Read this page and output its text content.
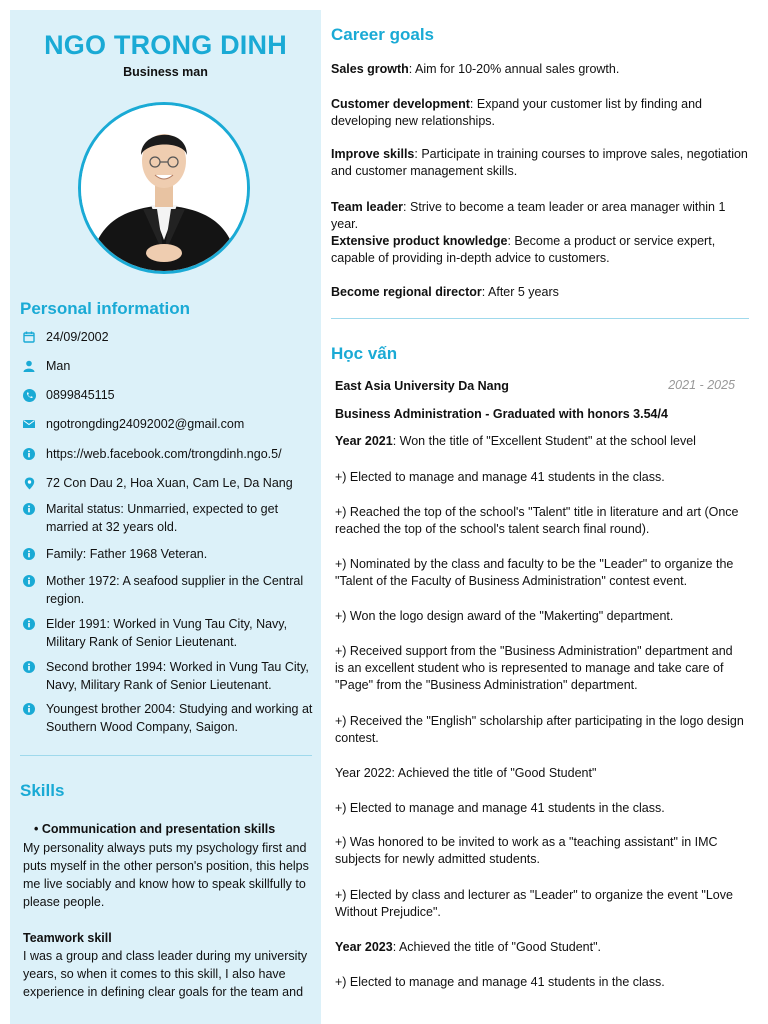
NGO TRONG DINH
Business man
Personal information
24/09/2002
Man
0899845115
ngotrongding24092002@gmail.com
https://web.facebook.com/trongdinh.ngo.5/
72 Con Dau 2, Hoa Xuan, Cam Le, Da Nang
Marital status: Unmarried, expected to get married at 32 years old.
Family: Father 1968 Veteran.
Mother 1972: A seafood supplier in the Central region.
Elder 1991: Worked in Vung Tau City, Navy, Military Rank of Senior Lieutenant.
Second brother 1994: Worked in Vung Tau City, Navy, Military Rank of Senior Lieutenant.
Youngest brother 2004: Studying and working at Southern Wood Company, Saigon.
Skills
• Communication and presentation skills
My personality always puts my psychology first and puts myself in the other person's position, this helps me live sociably and know how to speak skillfully to please people.
Teamwork skill
I was a group and class leader during my university years, so when it comes to this skill, I also have experience in defining clear goals for the team and
Career goals
Sales growth: Aim for 10-20% annual sales growth.
Customer development: Expand your customer list by finding and developing new relationships.
Improve skills: Participate in training courses to improve sales, negotiation and customer management skills.
Team leader: Strive to become a team leader or area manager within 1 year.
Extensive product knowledge: Become a product or service expert, capable of providing in-depth advice to customers.
Become regional director: After 5 years
Học vấn
East Asia University Da Nang	2021 - 2025
Business Administration - Graduated with honors 3.54/4
Year 2021: Won the title of "Excellent Student" at the school level
+) Elected to manage and manage 41 students in the class.
+) Reached the top of the school's "Talent" title in literature and art (Once reached the top of the school's talent search final round).
+) Nominated by the class and faculty to be the "Leader" to organize the "Talent of the Faculty of Business Administration" contest event.
+) Won the logo design award of the "Makerting" department.
+) Received support from the "Business Administration" department and is an excellent student who is represented to manage and take care of "Page" from the "Business Administration" department.
+) Received the "English" scholarship after participating in the logo design contest.
Year 2022: Achieved the title of "Good Student"
+) Elected to manage and manage 41 students in the class.
+) Was honored to be invited to work as a "teaching assistant" in IMC subjects for newly admitted students.
+) Elected by class and lecturer as "Leader" to organize the event "Love Without Prejudice".
Year 2023: Achieved the title of "Good Student".
+) Elected to manage and manage 41 students in the class.
